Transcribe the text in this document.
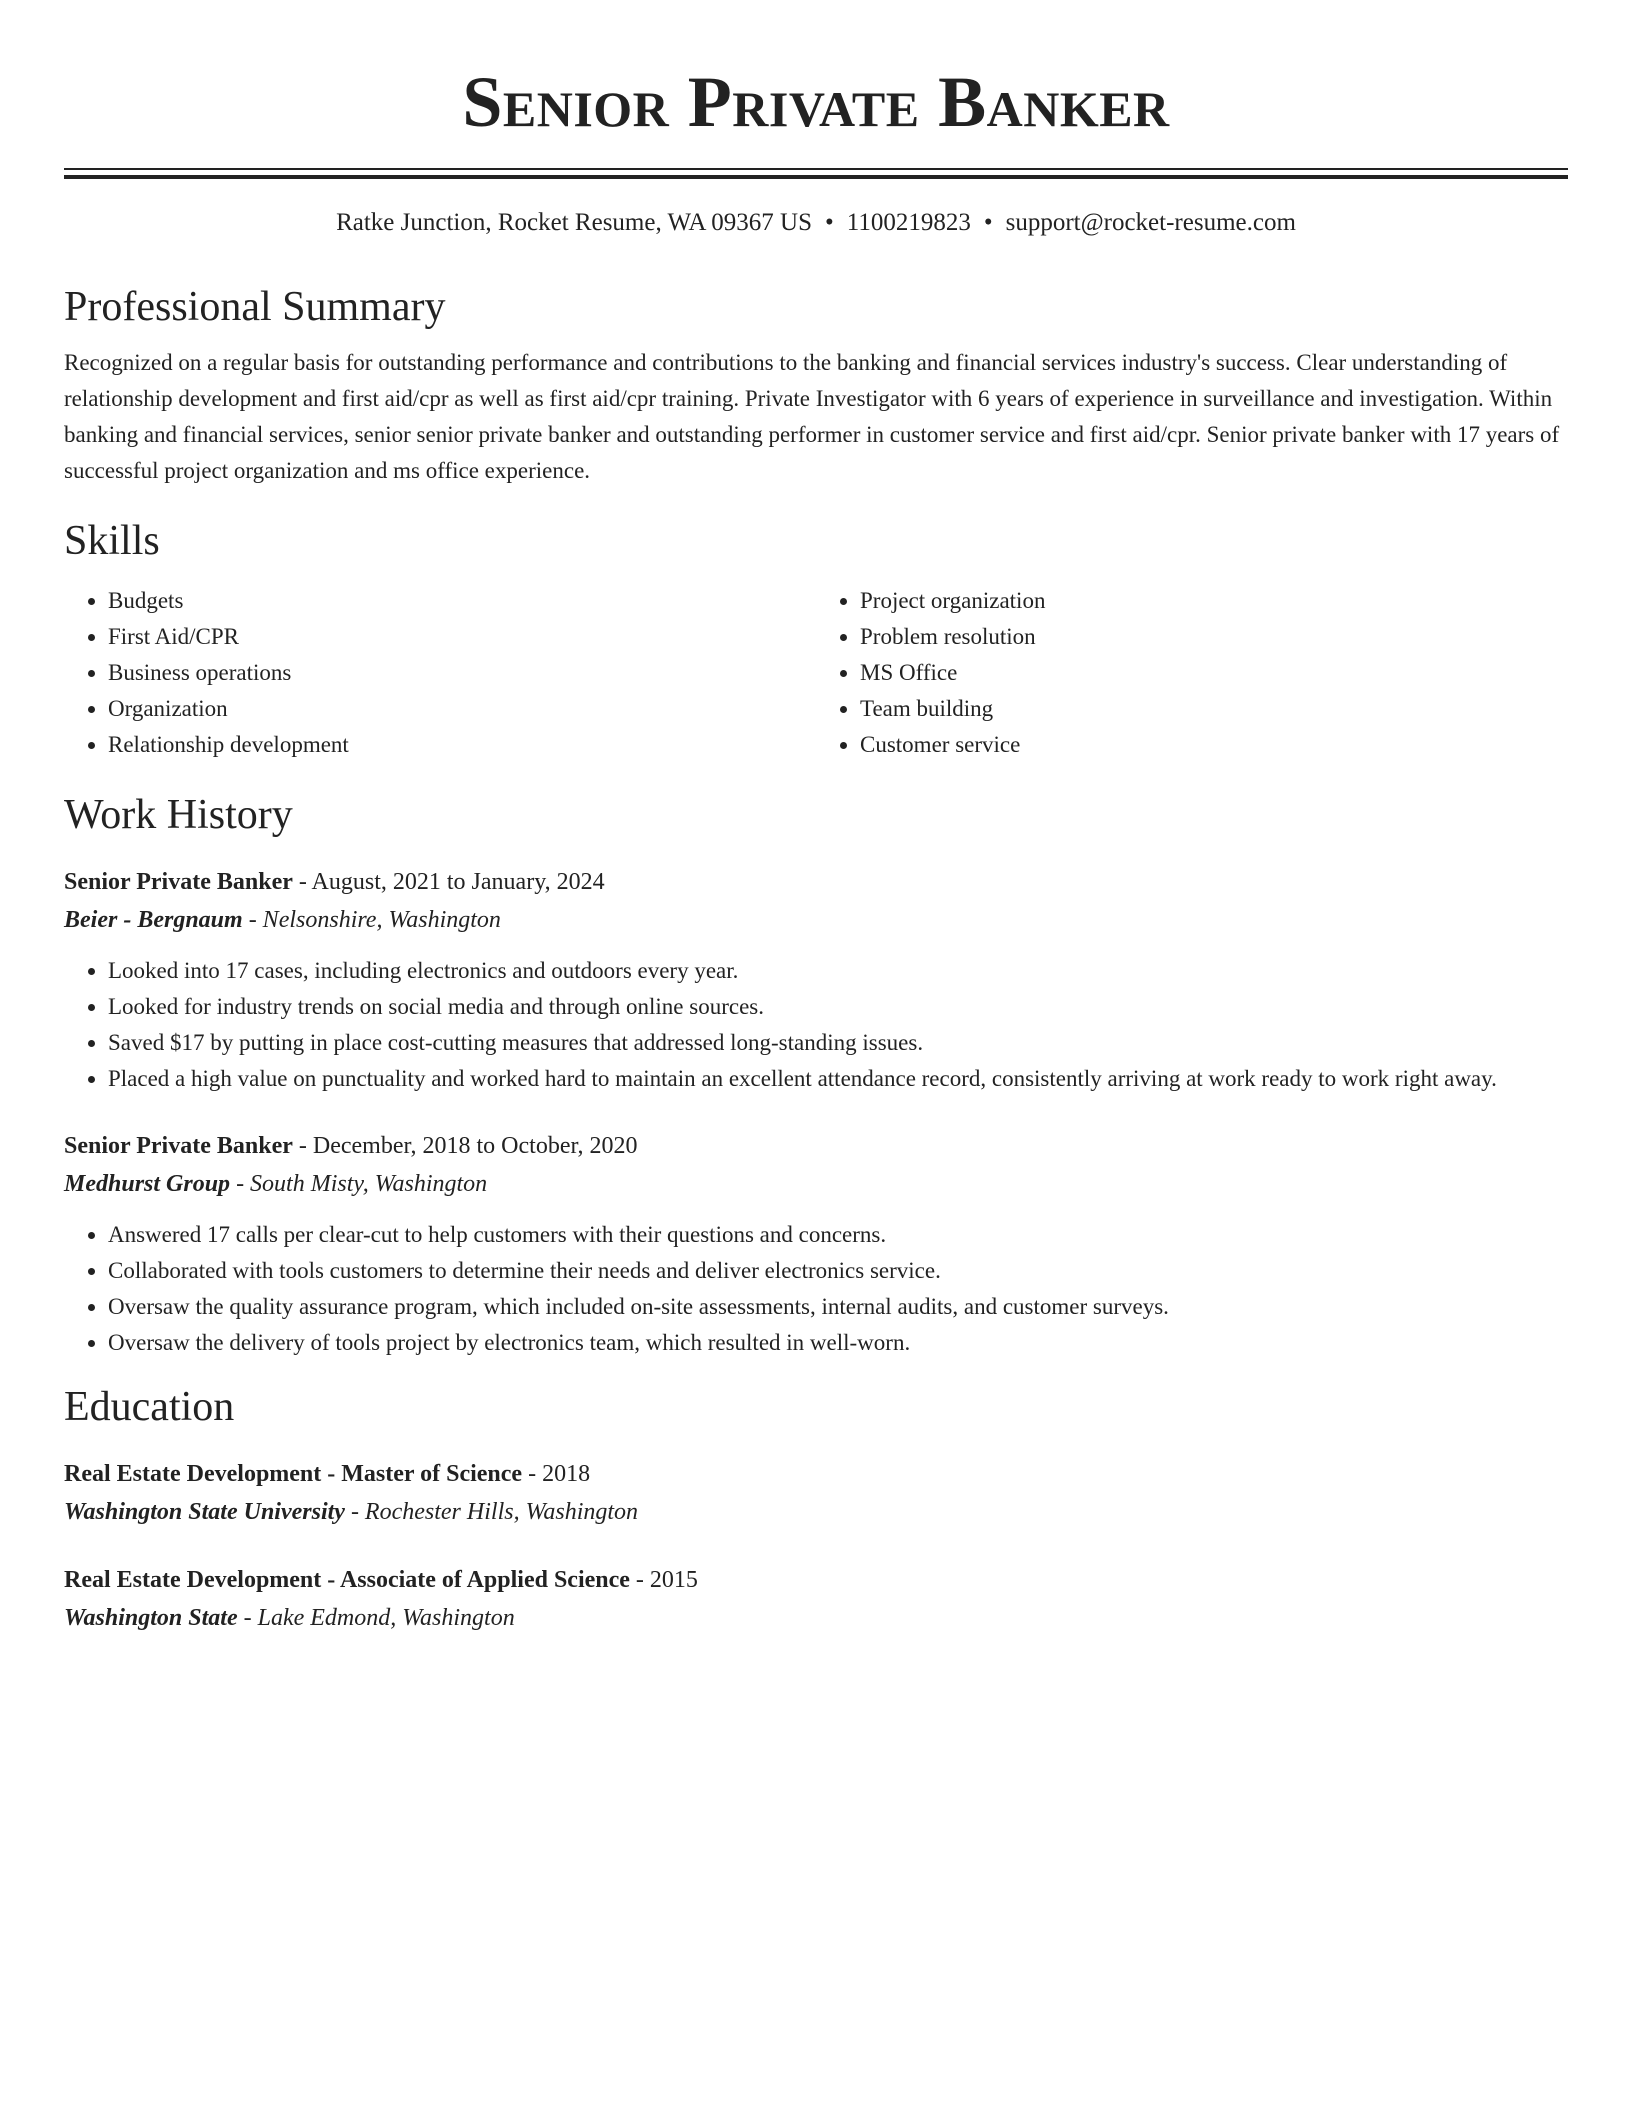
Senior Private Banker
Ratke Junction, Rocket Resume, WA 09367 US • 1100219823 • support@rocket-resume.com
Professional Summary

Recognized on a regular basis for outstanding performance and contributions to the banking and financial services industry's success. Clear understanding of relationship development and first aid/cpr as well as first aid/cpr training. Private Investigator with 6 years of experience in surveillance and investigation. Within banking and financial services, senior senior private banker and outstanding performer in customer service and first aid/cpr. Senior private banker with 17 years of successful project organization and ms office experience.

Skills
• Budgets
• First Aid/CPR
• Business operations
• Organization
• Relationship development
• Project organization
• Problem resolution
• MS Office
• Team building
• Customer service
Work History
Senior Private Banker - August, 2021 to January, 2024
Beier - Bergnaum - Nelsonshire, Washington
• Looked into 17 cases, including electronics and outdoors every year.
• Looked for industry trends on social media and through online sources.
• Saved $17 by putting in place cost-cutting measures that addressed long-standing issues.
• Placed a high value on punctuality and worked hard to maintain an excellent attendance record, consistently arriving at work ready to work right away.
Senior Private Banker - December, 2018 to October, 2020
Medhurst Group - South Misty, Washington
• Answered 17 calls per clear-cut to help customers with their questions and concerns.
• Collaborated with tools customers to determine their needs and deliver electronics service.
• Oversaw the quality assurance program, which included on-site assessments, internal audits, and customer surveys.
• Oversaw the delivery of tools project by electronics team, which resulted in well-worn.
Education
Real Estate Development - Master of Science - 2018
Washington State University - Rochester Hills, Washington
Real Estate Development - Associate of Applied Science - 2015
Washington State - Lake Edmond, Washington
